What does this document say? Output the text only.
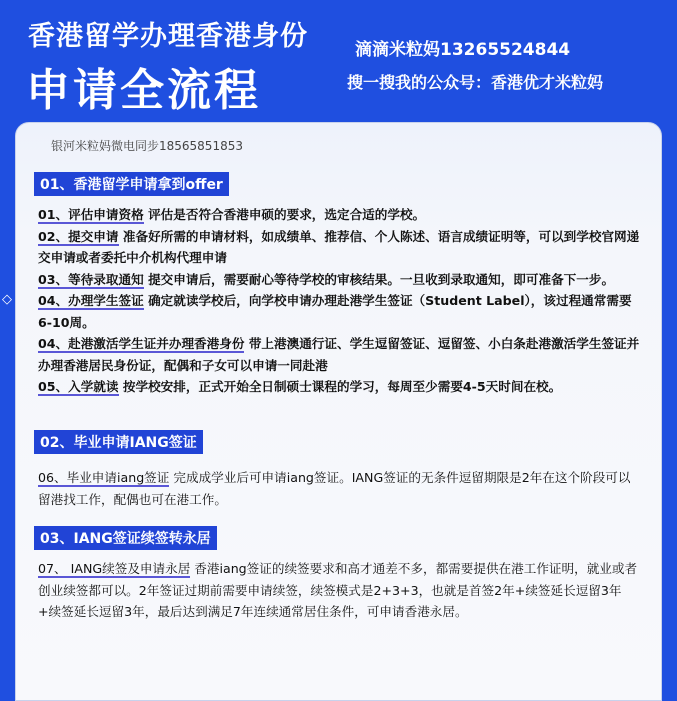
香港留学办理香港身份
申请全流程
滴滴米粒妈13265524844
搜一搜我的公众号：香港优才米粒妈
◇
银河米粒妈微电同步18565851853
01、香港留学申请拿到offer
01、评估申请资格 评估是否符合香港申硕的要求，选定合适的学校。
02、提交申请 准备好所需的申请材料，如成绩单、推荐信、个人陈述、语言成绩证明等，可以到学校官网递交申请或者委托中介机构代理申请
03、等待录取通知 提交申请后，需要耐心等待学校的审核结果。一旦收到录取通知，即可准备下一步。
04、办理学生签证 确定就读学校后，向学校申请办理赴港学生签证（Student Label），该过程通常需要6-10周。
04、赴港激活学生证并办理香港身份 带上港澳通行证、学生逗留签证、逗留签、小白条赴港激活学生签证并办理香港居民身份证，配偶和子女可以申请一同赴港
05、入学就读 按学校安排，正式开始全日制硕士课程的学习，每周至少需要4-5天时间在校。
02、毕业申请IANG签证
06、毕业申请iang签证 完成成学业后可申请iang签证。IANG签证的无条件逗留期限是2年在这个阶段可以留港找工作，配偶也可在港工作。
03、IANG签证续签转永居
07、 IANG续签及申请永居 香港iang签证的续签要求和高才通差不多，都需要提供在港工作证明，就业或者创业续签都可以。2年签证过期前需要申请续签，续签模式是2+3+3，也就是首签2年+续签延长逗留3年+续签延长逗留3年，最后达到满足7年连续通常居住条件，可申请香港永居。
